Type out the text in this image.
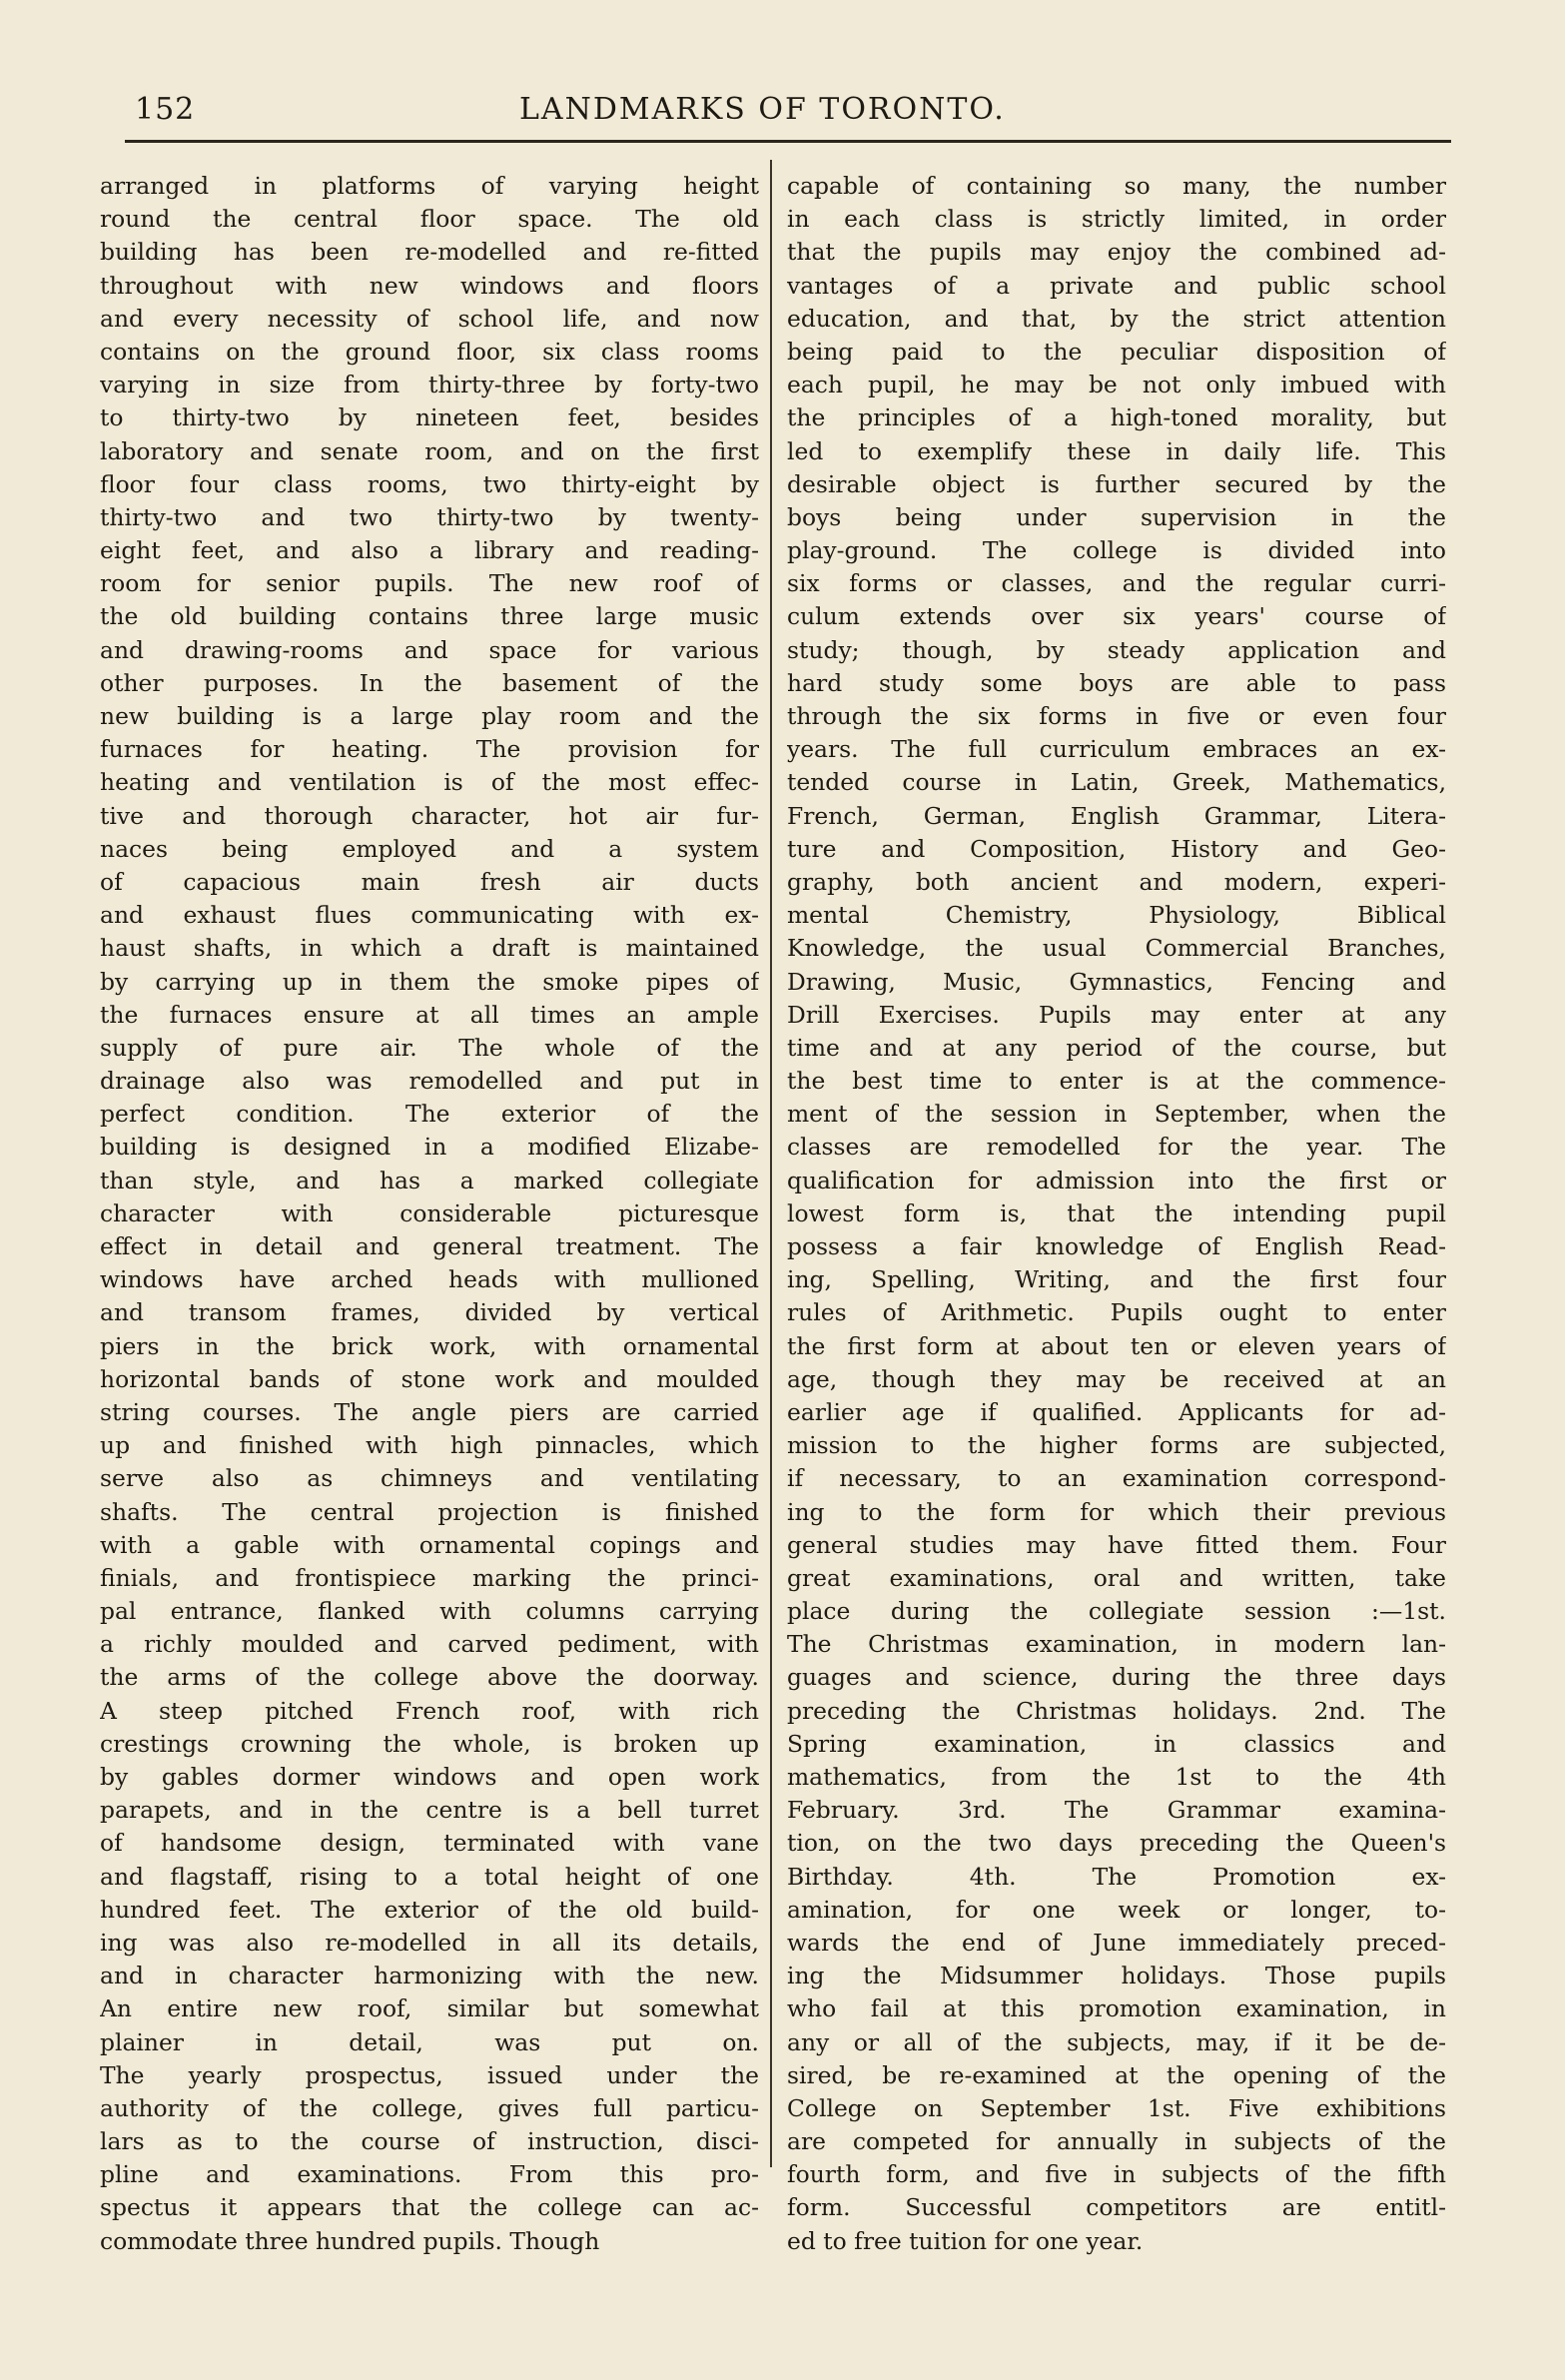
152	LANDMARKS OF TORONTO.
arranged in platforms of varying height
round the central floor space. The old
building has been re-modelled and re-fitted
throughout with new windows and floors
and every necessity of school life, and now
contains on the ground floor, six class rooms
varying in size from thirty-three by forty-two
to thirty-two by nineteen feet, besides
laboratory and senate room, and on the first
floor four class rooms, two thirty-eight by
thirty-two and two thirty-two by twenty-
eight feet, and also a library and reading-
room for senior pupils. The new roof of
the old building contains three large music
and drawing-rooms and space for various
other purposes. In the basement of the
new building is a large play room and the
furnaces for heating. The provision for
heating and ventilation is of the most effec-
tive and thorough character, hot air fur-
naces being employed and a system
of capacious main fresh air ducts
and exhaust flues communicating with ex-
haust shafts, in which a draft is maintained
by carrying up in them the smoke pipes of
the furnaces ensure at all times an ample
supply of pure air. The whole of the
drainage also was remodelled and put in
perfect condition. The exterior of the
building is designed in a modified Elizabe-
than style, and has a marked collegiate
character with considerable picturesque
effect in detail and general treatment. The
windows have arched heads with mullioned
and transom frames, divided by vertical
piers in the brick work, with ornamental
horizontal bands of stone work and moulded
string courses. The angle piers are carried
up and finished with high pinnacles, which
serve also as chimneys and ventilating
shafts. The central projection is finished
with a gable with ornamental copings and
finials, and frontispiece marking the princi-
pal entrance, flanked with columns carrying
a richly moulded and carved pediment, with
the arms of the college above the doorway.
A steep pitched French roof, with rich
crestings crowning the whole, is broken up
by gables dormer windows and open work
parapets, and in the centre is a bell turret
of handsome design, terminated with vane
and flagstaff, rising to a total height of one
hundred feet. The exterior of the old build-
ing was also re-modelled in all its details,
and in character harmonizing with the new.
An entire new roof, similar but somewhat
plainer in detail, was put on.
The yearly prospectus, issued under the
authority of the college, gives full particu-
lars as to the course of instruction, disci-
pline and examinations. From this pro-
spectus it appears that the college can ac-
commodate three hundred pupils. Though
capable of containing so many, the number
in each class is strictly limited, in order
that the pupils may enjoy the combined ad-
vantages of a private and public school
education, and that, by the strict attention
being paid to the peculiar disposition of
each pupil, he may be not only imbued with
the principles of a high-toned morality, but
led to exemplify these in daily life. This
desirable object is further secured by the
boys being under supervision in the
play-ground. The college is divided into
six forms or classes, and the regular curri-
culum extends over six years' course of
study; though, by steady application and
hard study some boys are able to pass
through the six forms in five or even four
years. The full curriculum embraces an ex-
tended course in Latin, Greek, Mathematics,
French, German, English Grammar, Litera-
ture and Composition, History and Geo-
graphy, both ancient and modern, experi-
mental Chemistry, Physiology, Biblical
Knowledge, the usual Commercial Branches,
Drawing, Music, Gymnastics, Fencing and
Drill Exercises. Pupils may enter at any
time and at any period of the course, but
the best time to enter is at the commence-
ment of the session in September, when the
classes are remodelled for the year. The
qualification for admission into the first or
lowest form is, that the intending pupil
possess a fair knowledge of English Read-
ing, Spelling, Writing, and the first four
rules of Arithmetic. Pupils ought to enter
the first form at about ten or eleven years of
age, though they may be received at an
earlier age if qualified. Applicants for ad-
mission to the higher forms are subjected,
if necessary, to an examination correspond-
ing to the form for which their previous
general studies may have fitted them. Four
great examinations, oral and written, take
place during the collegiate session :—1st.
The Christmas examination, in modern lan-
guages and science, during the three days
preceding the Christmas holidays. 2nd. The
Spring examination, in classics and
mathematics, from the 1st to the 4th
February. 3rd. The Grammar examina-
tion, on the two days preceding the Queen's
Birthday. 4th. The Promotion ex-
amination, for one week or longer, to-
wards the end of June immediately preced-
ing the Midsummer holidays. Those pupils
who fail at this promotion examination, in
any or all of the subjects, may, if it be de-
sired, be re-examined at the opening of the
College on September 1st. Five exhibitions
are competed for annually in subjects of the
fourth form, and five in subjects of the fifth
form. Successful competitors are entitl-
ed to free tuition for one year.
